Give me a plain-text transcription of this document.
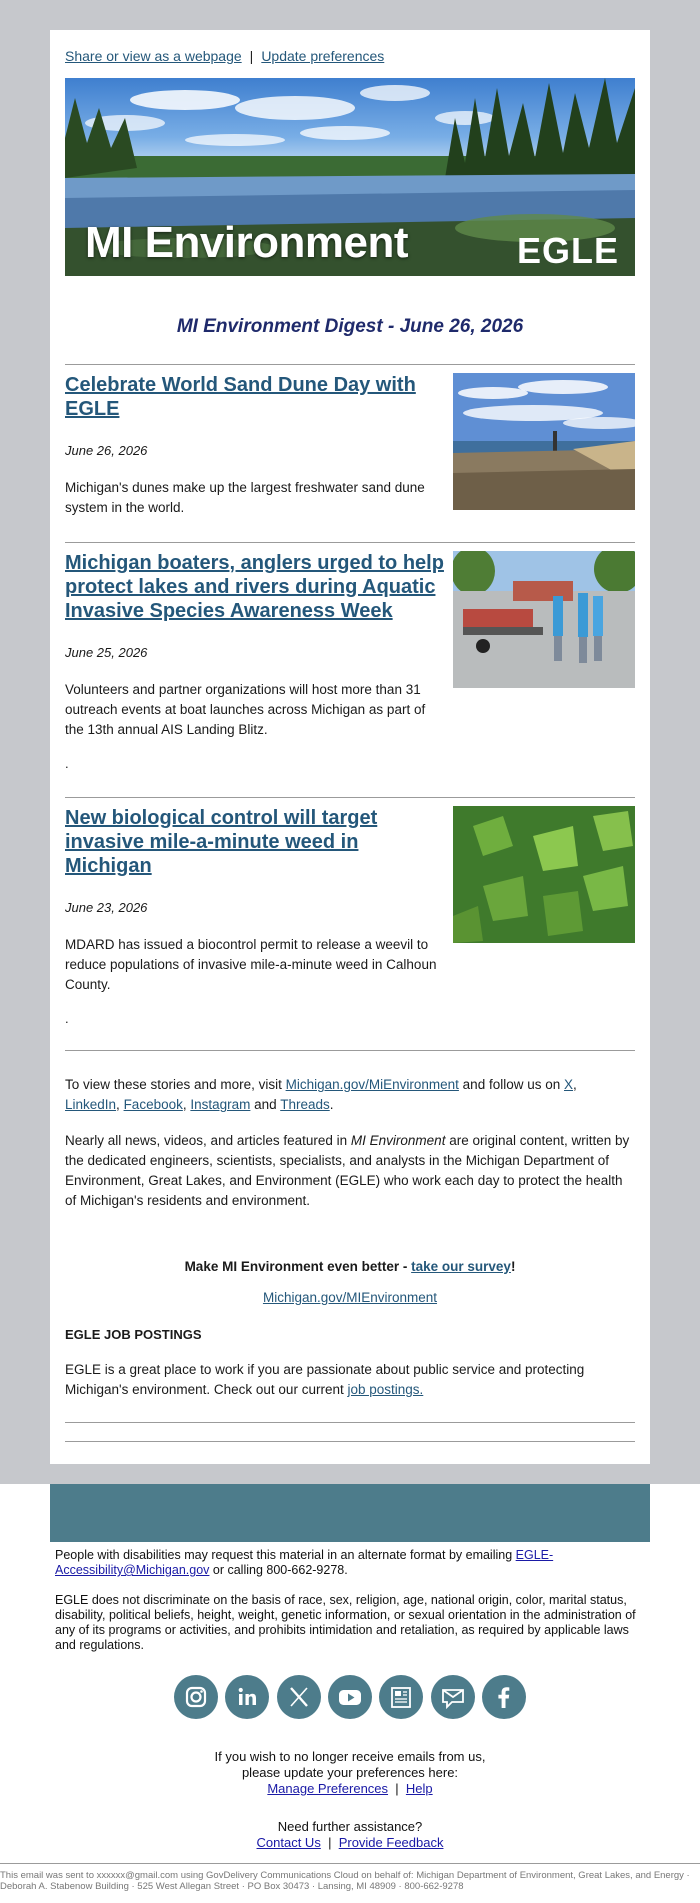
Share or view as a webpage | Update preferences
MI Environment	EGLE
MI Environment Digest - June 26, 2026
Celebrate World Sand Dune Day with EGLE
June 26, 2026

Michigan's dunes make up the largest freshwater sand dune system in the world.

Michigan boaters, anglers urged to help protect lakes and rivers during Aquatic Invasive Species Awareness Week
June 25, 2026

Volunteers and partner organizations will host more than 31 outreach events at boat launches across Michigan as part of the 13th annual AIS Landing Blitz.

.

New biological control will target invasive mile-a-minute weed in Michigan
June 23, 2026

MDARD has issued a biocontrol permit to release a weevil to reduce populations of invasive mile-a-minute weed in Calhoun County.

.

To view these stories and more, visit Michigan.gov/MiEnvironment and follow us on X,
LinkedIn, Facebook, Instagram and Threads.

Nearly all news, videos, and articles featured in MI Environment are original content, written by the dedicated engineers, scientists, specialists, and analysts in the Michigan Department of Environment, Great Lakes, and Environment (EGLE) who work each day to protect the health of Michigan's residents and environment.

Make MI Environment even better - take our survey!

Michigan.gov/MIEnvironment

EGLE JOB POSTINGS

EGLE is a great place to work if you are passionate about public service and protecting Michigan's environment. Check out our current job postings.

People with disabilities may request this material in an alternate format by emailing EGLE-Accessibility@Michigan.gov or calling 800-662-9278.

EGLE does not discriminate on the basis of race, sex, religion, age, national origin, color, marital status, disability, political beliefs, height, weight, genetic information, or sexual orientation in the administration of any of its programs or activities, and prohibits intimidation and retaliation, as required by applicable laws and regulations.

If you wish to no longer receive emails from us,
please update your preferences here:
Manage Preferences | Help
Need further assistance?
Contact Us | Provide Feedback
This email was sent to xxxxxx@gmail.com using GovDelivery Communications Cloud on behalf of: Michigan Department of Environment, Great Lakes, and Energy · Deborah A. Stabenow Building · 525 West Allegan Street · PO Box 30473 · Lansing, MI 48909 · 800-662-9278
